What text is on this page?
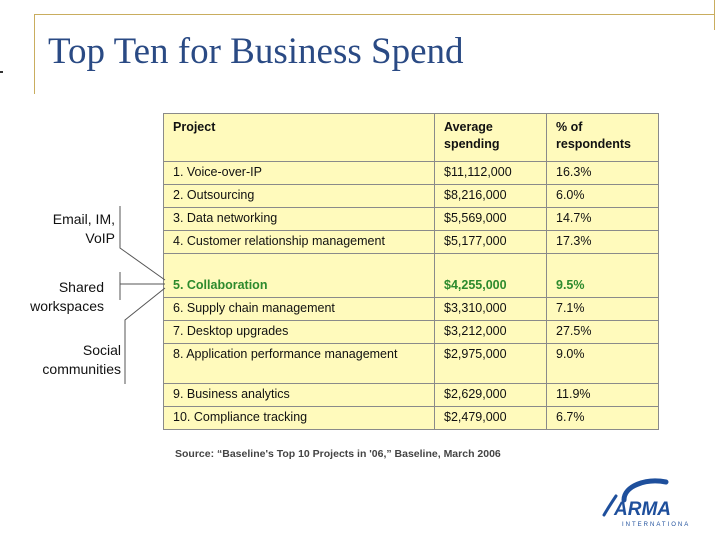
Top Ten for Business Spend
Project	Average spending	% of respondents
1. Voice-over-IP	$11,112,000	16.3%
2. Outsourcing	$8,216,000	6.0%
3. Data networking	$5,569,000	14.7%
4. Customer relationship management	$5,177,000	17.3%
5. Collaboration	$4,255,000	9.5%
6. Supply chain management	$3,310,000	7.1%
7. Desktop upgrades	$3,212,000	27.5%
8. Application performance management	$2,975,000	9.0%
9. Business analytics	$2,629,000	11.9%
10. Compliance tracking	$2,479,000	6.7%
Source: “Baseline's Top 10 Projects in '06,” Baseline, March 2006
Email, IM, VoIP
Shared workspaces
Social communities
ARMA
INTERNATIONAL
